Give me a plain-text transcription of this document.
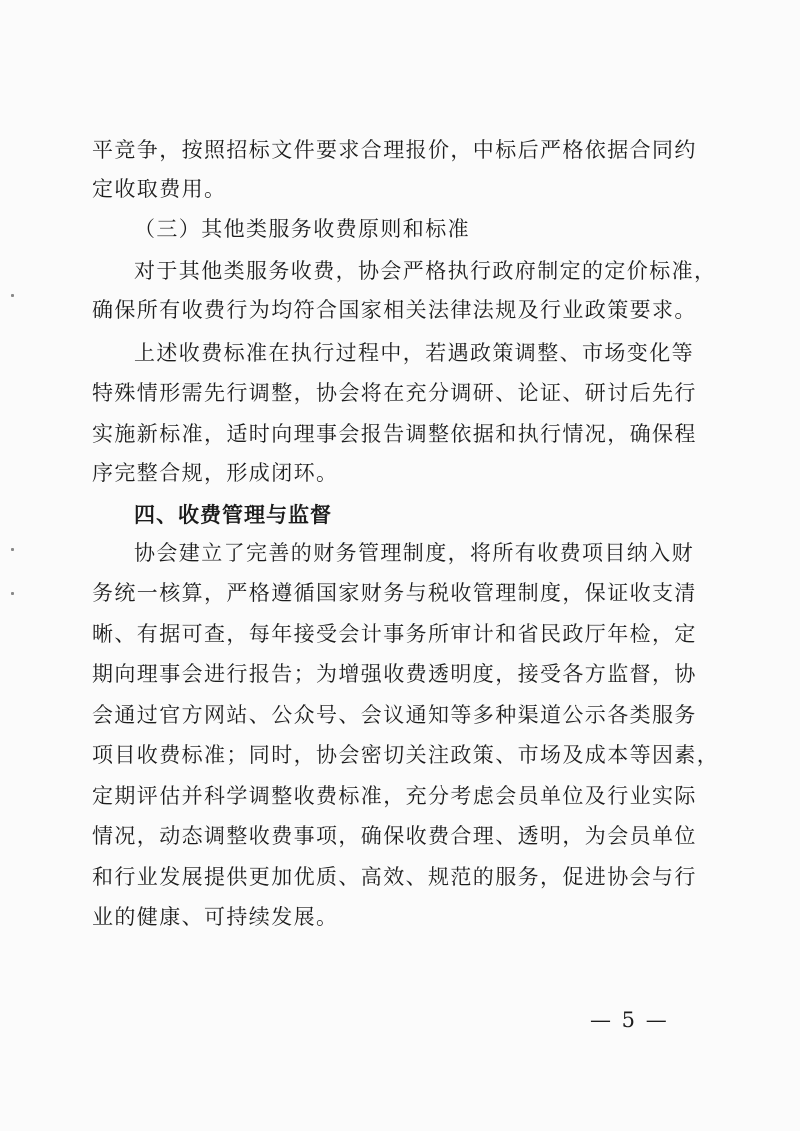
平竞争，按照招标文件要求合理报价，中标后严格依据合同约
定收取费用。
（三）其他类服务收费原则和标准
对于其他类服务收费，协会严格执行政府制定的定价标准，
确保所有收费行为均符合国家相关法律法规及行业政策要求。
上述收费标准在执行过程中，若遇政策调整、市场变化等
特殊情形需先行调整，协会将在充分调研、论证、研讨后先行
实施新标准，适时向理事会报告调整依据和执行情况，确保程
序完整合规，形成闭环。
四、收费管理与监督
协会建立了完善的财务管理制度，将所有收费项目纳入财
务统一核算，严格遵循国家财务与税收管理制度，保证收支清
晰、有据可查，每年接受会计事务所审计和省民政厅年检，定
期向理事会进行报告；为增强收费透明度，接受各方监督，协
会通过官方网站、公众号、会议通知等多种渠道公示各类服务
项目收费标准；同时，协会密切关注政策、市场及成本等因素，
定期评估并科学调整收费标准，充分考虑会员单位及行业实际
情况，动态调整收费事项，确保收费合理、透明，为会员单位
和行业发展提供更加优质、高效、规范的服务，促进协会与行
业的健康、可持续发展。
— 5 —
